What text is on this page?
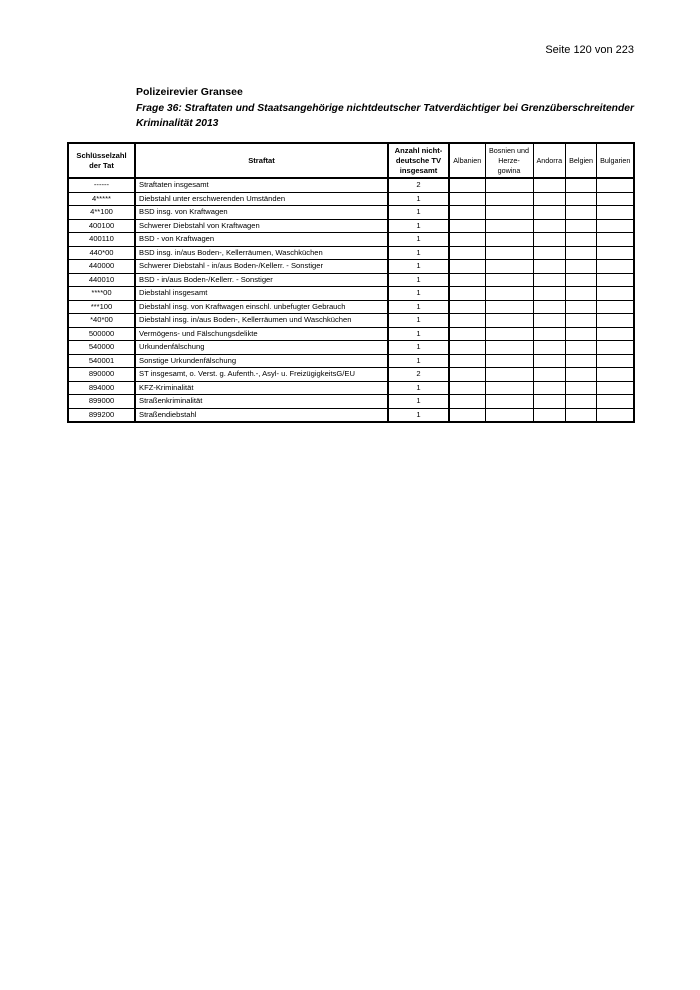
Seite 120 von 223
Polizeirevier Gransee
Frage 36: Straftaten und Staatsangehörige nichtdeutscher Tatverdächtiger bei Grenzüberschreitender Kriminalität 2013
Schlüsselzahl der Tat	Straftat	Anzahl nicht-deutsche TV insgesamt	Albanien	Bosnien und Herze-gowina	Andorra	Belgien	Bulgarien
------	Straftaten insgesamt	2					
4*****	Diebstahl unter erschwerenden Umständen	1					
4**100	BSD insg. von Kraftwagen	1					
400100	Schwerer Diebstahl von Kraftwagen	1					
400110	BSD - von Kraftwagen	1					
440*00	BSD insg. in/aus Boden-, Kellerräumen, Waschküchen	1					
440000	Schwerer Diebstahl - in/aus Boden-/Kellerr. - Sonstiger	1					
440010	BSD - in/aus Boden-/Kellerr. - Sonstiger	1					
****00	Diebstahl insgesamt	1					
***100	Diebstahl insg. von Kraftwagen einschl. unbefugter Gebrauch	1					
*40*00	Diebstahl insg. in/aus Boden-, Kellerräumen und Waschküchen	1					
500000	Vermögens- und Fälschungsdelikte	1					
540000	Urkundenfälschung	1					
540001	Sonstige Urkundenfälschung	1					
890000	ST insgesamt, o. Verst. g. Aufenth.-, Asyl- u. FreizügigkeitsG/EU	2					
894000	KFZ-Kriminalität	1					
899000	Straßenkriminalität	1					
899200	Straßendiebstahl	1					
